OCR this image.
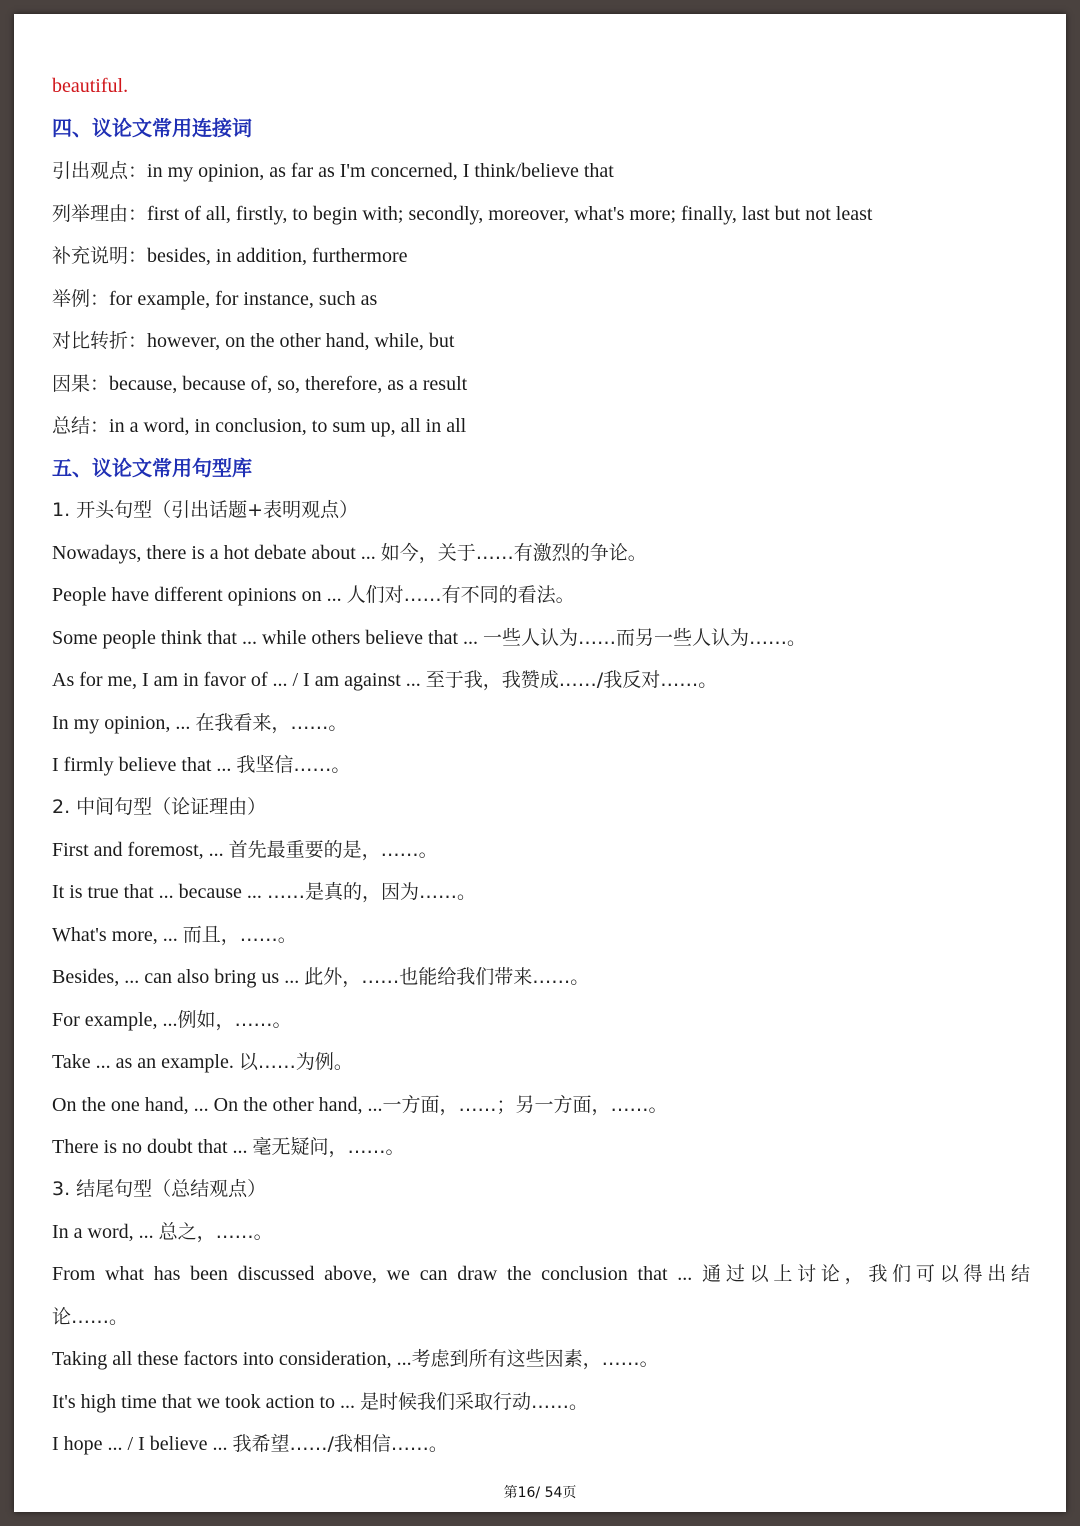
beautiful.
四、议论文常用连接词
引出观点：in my opinion, as far as I'm concerned, I think/believe that
列举理由：first of all, firstly, to begin with; secondly, moreover, what's more; finally, last but not least
补充说明：besides, in addition, furthermore
举例：for example, for instance, such as
对比转折：however, on the other hand, while, but
因果：because, because of, so, therefore, as a result
总结：in a word, in conclusion, to sum up, all in all
五、议论文常用句型库
1. 开头句型（引出话题+表明观点）
Nowadays, there is a hot debate about ... 如今，关于……有激烈的争论。
People have different opinions on ... 人们对……有不同的看法。
Some people think that ... while others believe that ... 一些人认为……而另一些人认为……。
As for me, I am in favor of ... / I am against ... 至于我，我赞成……/我反对……。
In my opinion, ... 在我看来，……。
I firmly believe that ... 我坚信……。
2. 中间句型（论证理由）
First and foremost, ... 首先最重要的是，……。
It is true that ... because ... ……是真的，因为……。
What's more, ... 而且，……。
Besides, ... can also bring us ... 此外，……也能给我们带来……。
For example, ...例如，……。
Take ... as an example. 以……为例。
On the one hand, ... On the other hand, ...一方面，……；另一方面，……。
There is no doubt that ... 毫无疑问，……。
3. 结尾句型（总结观点）
In a word, ... 总之，……。
From what has been discussed above, we can draw the conclusion that ... 通过以上讨论，我们可以得出结
论……。
Taking all these factors into consideration, ...考虑到所有这些因素，……。
It's high time that we took action to ... 是时候我们采取行动……。
I hope ... / I believe ... 我希望……/我相信……。
第16/ 54页
